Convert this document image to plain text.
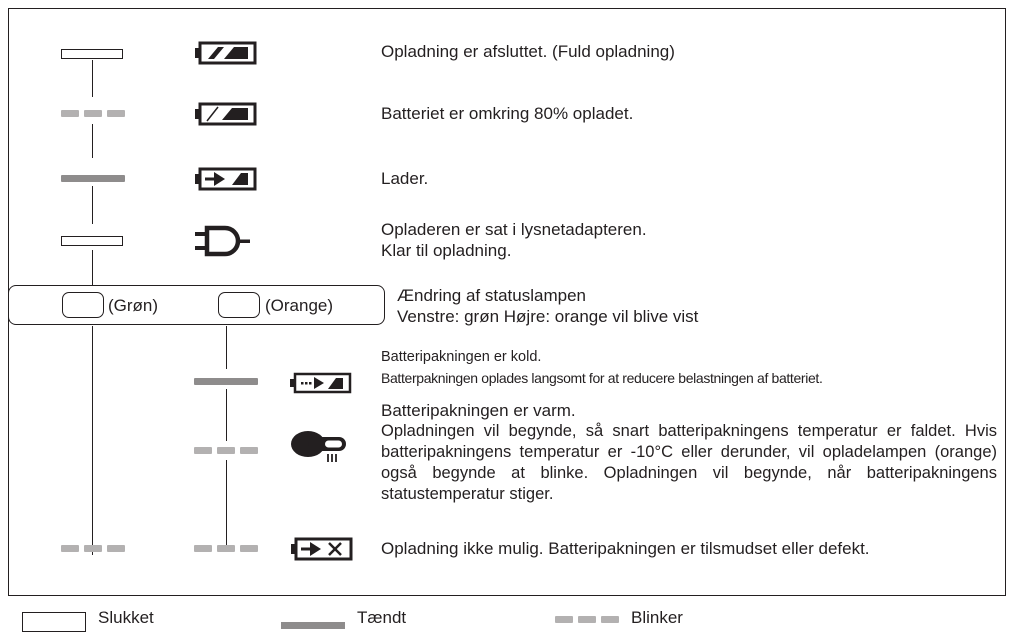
Opladning er afsluttet. (Fuld opladning)
Batteriet er omkring 80% opladet.
Lader.
Opladeren er sat i lysnetadapteren.
Klar til opladning.
(Grøn)	(Orange)
Ændring af statuslampen
Venstre: grøn Højre: orange vil blive vist
Batteripakningen er kold.
Batterpakningen oplades langsomt for at reducere belastningen af batteriet.
Batteripakningen er varm.
Opladningen vil begynde, så snart batteripakningens temperatur er faldet. Hvis batteripakningens temperatur er -10°C eller derunder, vil opladelampen (orange) også begynde at blinke. Opladningen vil begynde, når batteripakningens statustemperatur stiger.
Opladning ikke mulig. Batteripakningen er tilsmudset eller defekt.
Slukket	Tændt	Blinker
